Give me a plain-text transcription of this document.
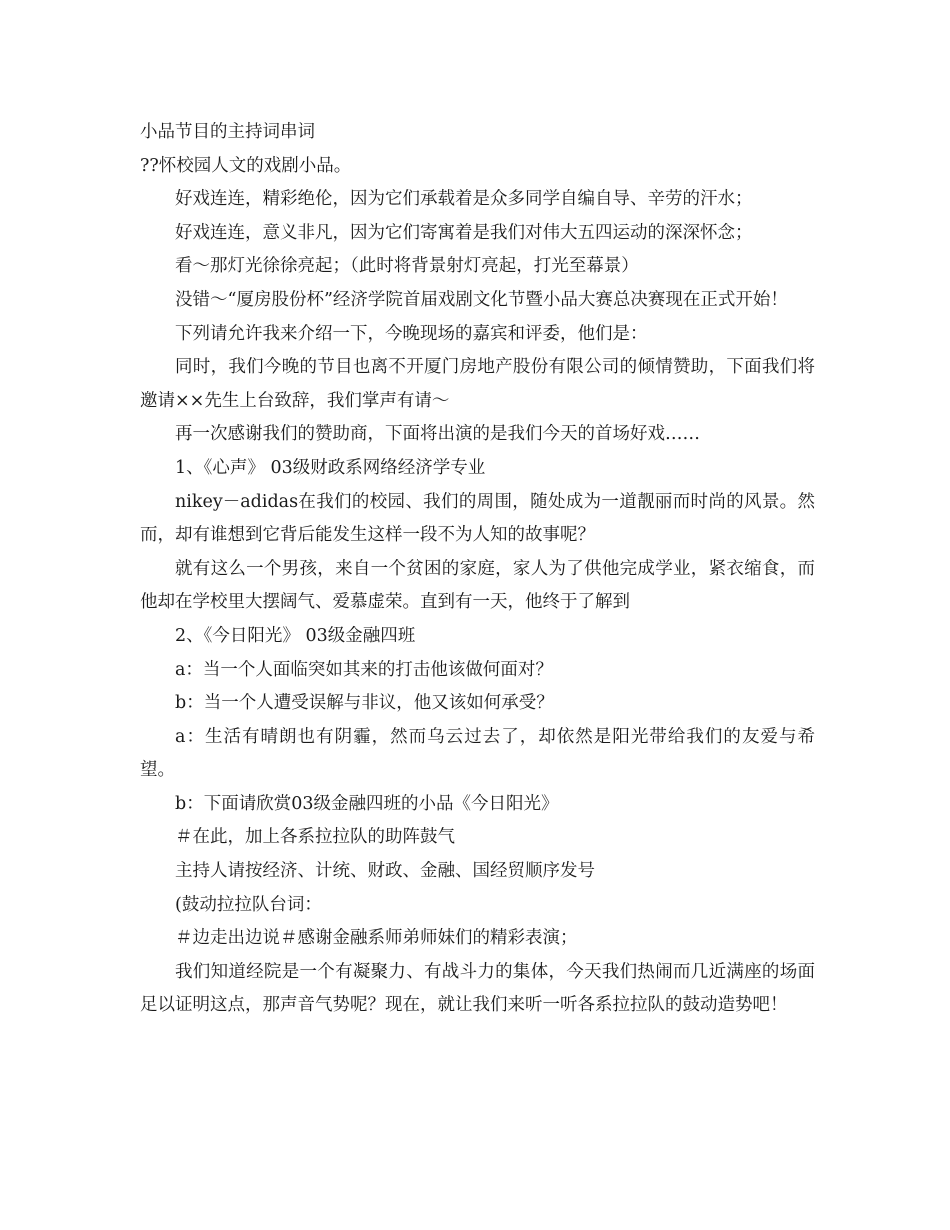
小品节目的主持词串词

??怀校园人文的戏剧小品。

好戏连连，精彩绝伦，因为它们承载着是众多同学自编自导、辛劳的汗水；

好戏连连，意义非凡，因为它们寄寓着是我们对伟大五四运动的深深怀念；

看～那灯光徐徐亮起；（此时将背景射灯亮起，打光至幕景）

没错～“厦房股份杯”经济学院首届戏剧文化节暨小品大赛总决赛现在正式开始！

下列请允许我来介绍一下，今晚现场的嘉宾和评委，他们是：

同时，我们今晚的节目也离不开厦门房地产股份有限公司的倾情赞助，下面我们将邀请××先生上台致辞，我们掌声有请～

再一次感谢我们的赞助商，下面将出演的是我们今天的首场好戏……

1、《心声》 03级财政系网络经济学专业

nikey－adidas在我们的校园、我们的周围，随处成为一道靓丽而时尚的风景。然而，却有谁想到它背后能发生这样一段不为人知的故事呢？

就有这么一个男孩，来自一个贫困的家庭，家人为了供他完成学业，紧衣缩食，而他却在学校里大摆阔气、爱慕虚荣。直到有一天，他终于了解到

2、《今日阳光》 03级金融四班

a：当一个人面临突如其来的打击他该做何面对？

b：当一个人遭受误解与非议，他又该如何承受？

a：生活有晴朗也有阴霾，然而乌云过去了，却依然是阳光带给我们的友爱与希望。

b：下面请欣赏03级金融四班的小品《今日阳光》

＃在此，加上各系拉拉队的助阵鼓气

主持人请按经济、计统、财政、金融、国经贸顺序发号

(鼓动拉拉队台词：

＃边走出边说＃感谢金融系师弟师妹们的精彩表演；

我们知道经院是一个有凝聚力、有战斗力的集体，今天我们热闹而几近满座的场面足以证明这点，那声音气势呢？现在，就让我们来听一听各系拉拉队的鼓动造势吧！
